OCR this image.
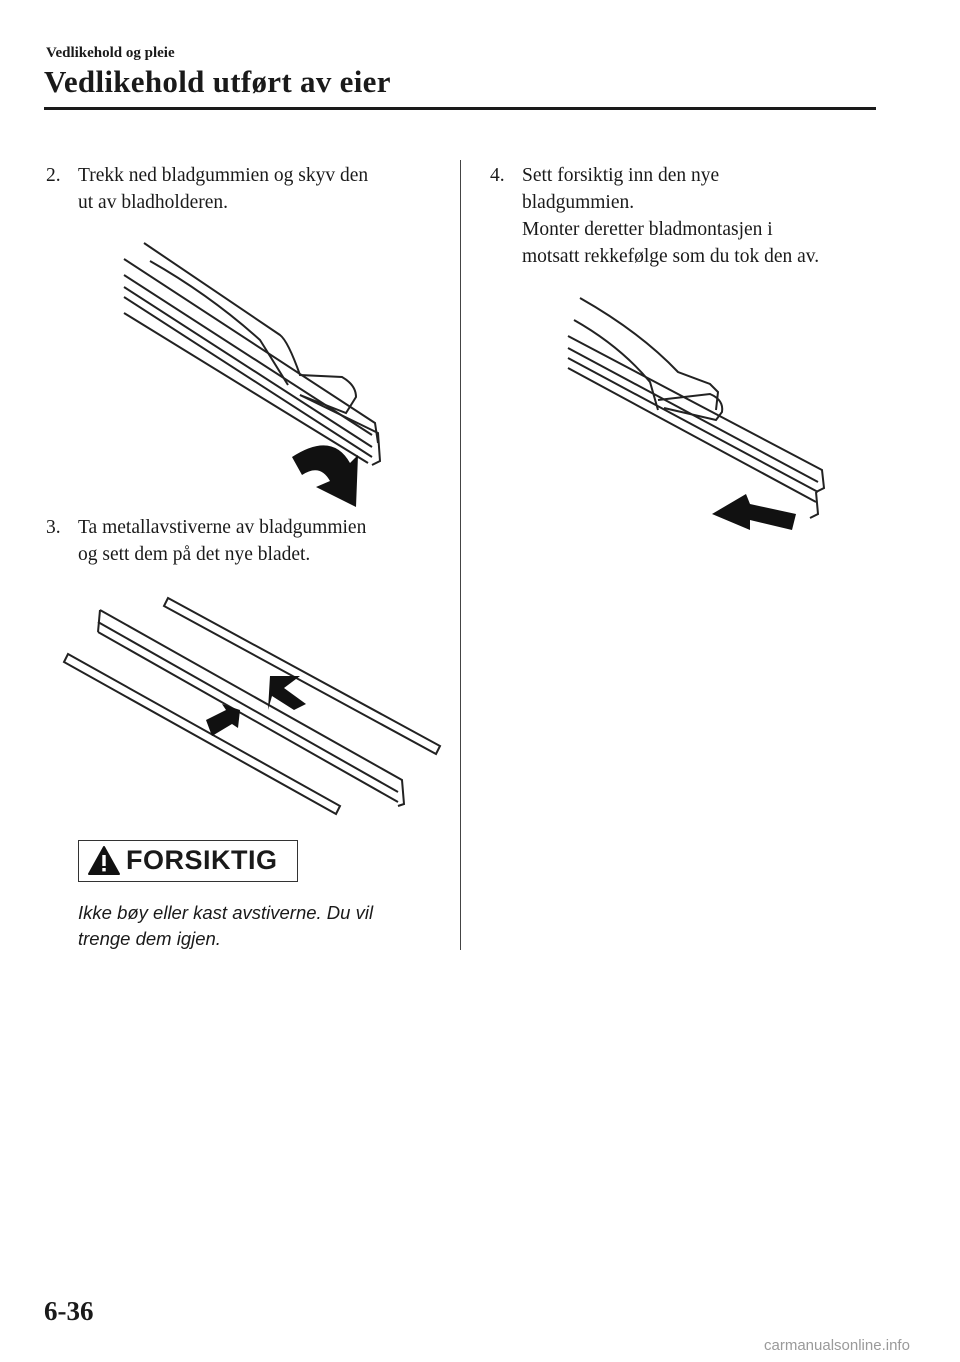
Vedlikehold og pleie
Vedlikehold utført av eier
2. Trekk ned bladgummien og skyv den
ut av bladholderen.
3. Ta metallavstiverne av bladgummien
og sett dem på det nye bladet.
FORSIKTIG
Ikke bøy eller kast avstiverne. Du vil
trenge dem igjen.
4. Sett forsiktig inn den nye
bladgummien.
Monter deretter bladmontasjen i
motsatt rekkefølge som du tok den av.
6-36
carmanualsonline.info
